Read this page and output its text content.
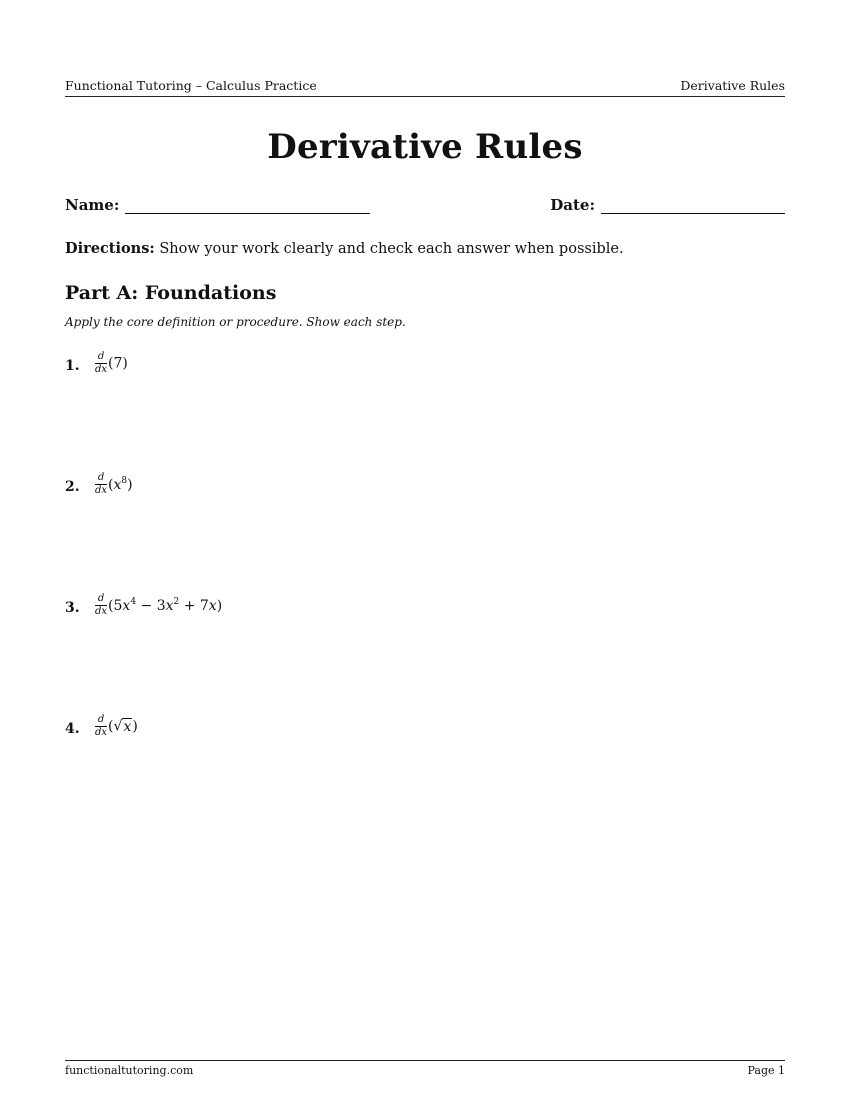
Functional Tutoring – Calculus Practice	Derivative Rules
Derivative Rules
Name:	Date:
Directions: Show your work clearly and check each answer when possible.
Part A: Foundations
Apply the core definition or procedure. Show each step.
1. $\frac{d}{dx} (7)$
2. $\frac{d}{dx} (x^8)$
3. $\frac{d}{dx} (5x^4 - 3x^2 + 7x)$
4. $\frac{d}{dx} (√x)$
functionaltutoring.com	Page 1
